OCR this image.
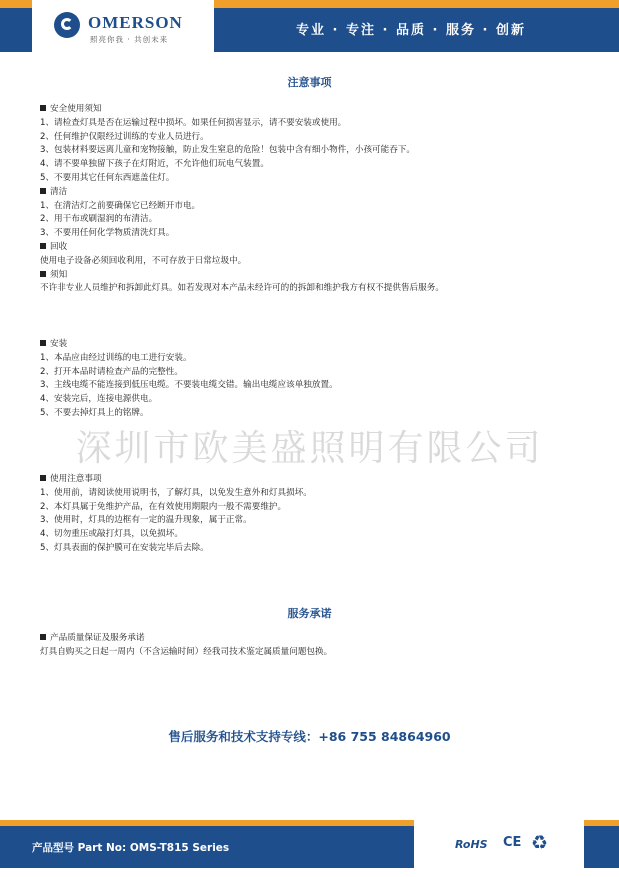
OMERSON
照亮你我 · 共创未来
专业 · 专注 · 品质 · 服务 · 创新
注意事项

安全使用须知

1、请检查灯具是否在运输过程中损坏。如果任何损害显示，请不要安装或使用。

2、任何维护仅限经过训练的专业人员进行。

3、包装材料要远离儿童和宠物接触，防止发生窒息的危险！包装中含有细小物件，小孩可能吞下。

4、请不要单独留下孩子在灯附近，不允许他们玩电气装置。

5、不要用其它任何东西遮盖住灯。

清洁

1、在清洁灯之前要确保它已经断开市电。

2、用干布或刷湿润的布清洁。

3、不要用任何化学物质清洗灯具。

回收

使用电子设备必须回收利用，不可存放于日常垃圾中。

须知

不许非专业人员维护和拆卸此灯具。如若发现对本产品未经许可的的拆卸和维护我方有权不提供售后服务。

安装

1、本品应由经过训练的电工进行安装。

2、打开本品时请检查产品的完整性。

3、主线电缆不能连接到低压电缆。不要装电缆交错。输出电缆应该单独放置。

4、安装完后，连接电源供电。

5、不要去掉灯具上的铭牌。

深圳市欧美盛照明有限公司

使用注意事项

1、使用前，请阅读使用说明书，了解灯具，以免发生意外和灯具损坏。

2、本灯具属于免维护产品，在有效使用期限内一般不需要维护。

3、使用时，灯具的边框有一定的温升现象，属于正常。

4、切勿重压或敲打灯具，以免损坏。

5、灯具表面的保护膜可在安装完毕后去除。

服务承诺

产品质量保证及服务承诺

灯具自购买之日起一周内（不含运输时间）经我司技术鉴定属质量问题包换。

售后服务和技术支持专线：+86 755 84864960
产品型号 Part No: OMS-T815 Series	RoHS CE ♻
